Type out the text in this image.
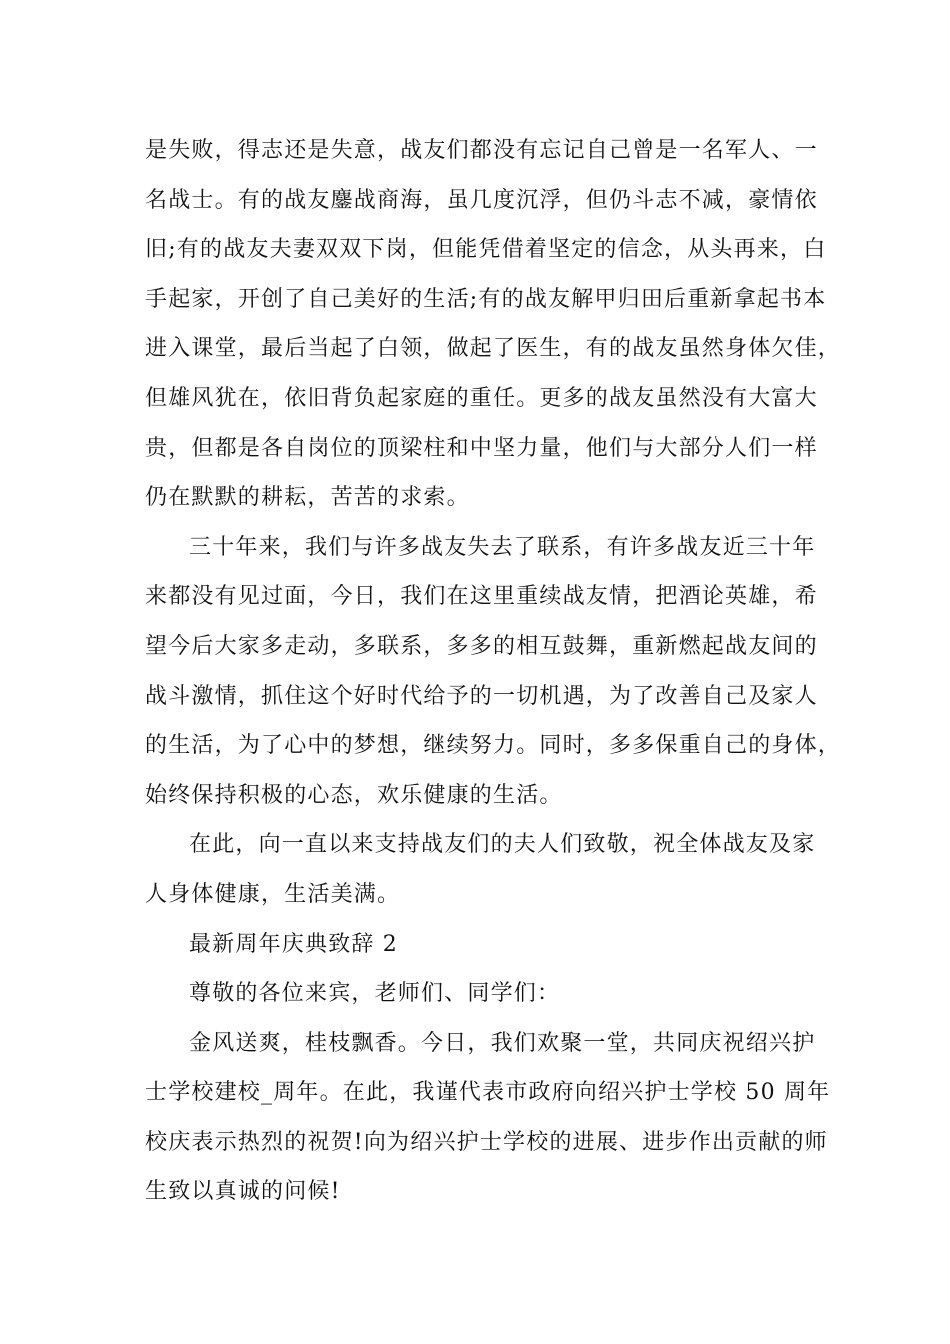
是失败，得志还是失意，战友们都没有忘记自己曾是一名军人、一
名战士。有的战友鏖战商海，虽几度沉浮，但仍斗志不减，豪情依
旧;有的战友夫妻双双下岗，但能凭借着坚定的信念，从头再来，白
手起家，开创了自己美好的生活;有的战友解甲归田后重新拿起书本
进入课堂，最后当起了白领，做起了医生，有的战友虽然身体欠佳，
但雄风犹在，依旧背负起家庭的重任。更多的战友虽然没有大富大
贵，但都是各自岗位的顶梁柱和中坚力量，他们与大部分人们一样
仍在默默的耕耘，苦苦的求索。
三十年来，我们与许多战友失去了联系，有许多战友近三十年
来都没有见过面，今日，我们在这里重续战友情，把酒论英雄，希
望今后大家多走动，多联系，多多的相互鼓舞，重新燃起战友间的
战斗激情，抓住这个好时代给予的一切机遇，为了改善自己及家人
的生活，为了心中的梦想，继续努力。同时，多多保重自己的身体，
始终保持积极的心态，欢乐健康的生活。
在此，向一直以来支持战友们的夫人们致敬，祝全体战友及家
人身体健康，生活美满。
最新周年庆典致辞 2
尊敬的各位来宾，老师们、同学们：
金风送爽，桂枝飘香。今日，我们欢聚一堂，共同庆祝绍兴护
士学校建校_周年。在此，我谨代表市政府向绍兴护士学校 50 周年
校庆表示热烈的祝贺!向为绍兴护士学校的进展、进步作出贡献的师
生致以真诚的问候!
